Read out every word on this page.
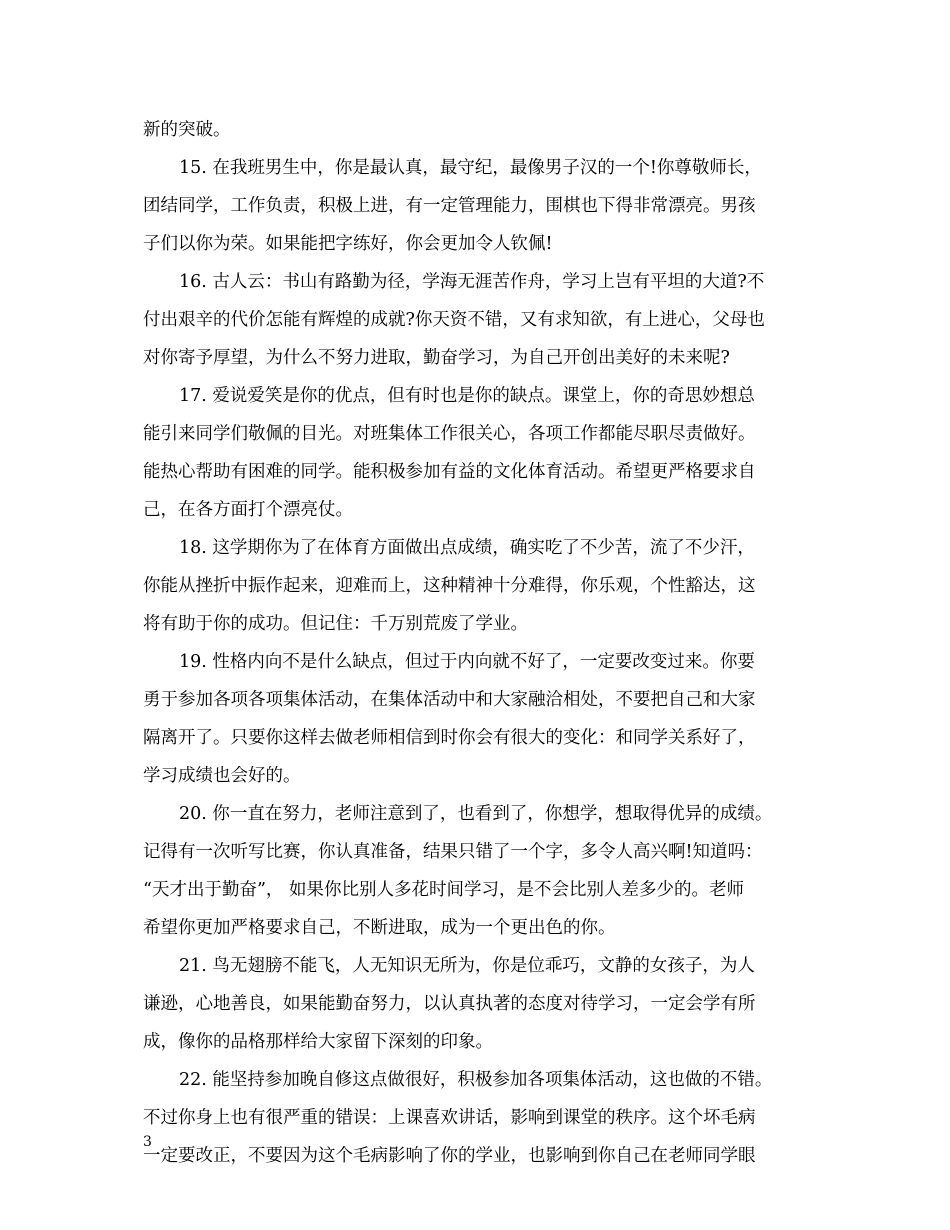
新的突破。
15. 在我班男生中，你是最认真，最守纪，最像男子汉的一个!你尊敬师长，
团结同学，工作负责，积极上进，有一定管理能力，围棋也下得非常漂亮。男孩
子们以你为荣。如果能把字练好，你会更加令人钦佩!
16. 古人云：书山有路勤为径，学海无涯苦作舟，学习上岂有平坦的大道?不
付出艰辛的代价怎能有辉煌的成就?你天资不错，又有求知欲，有上进心，父母也
对你寄予厚望，为什么不努力进取，勤奋学习，为自己开创出美好的未来呢?
17. 爱说爱笑是你的优点，但有时也是你的缺点。课堂上，你的奇思妙想总
能引来同学们敬佩的目光。对班集体工作很关心，各项工作都能尽职尽责做好。
能热心帮助有困难的同学。能积极参加有益的文化体育活动。希望更严格要求自
己，在各方面打个漂亮仗。
18. 这学期你为了在体育方面做出点成绩，确实吃了不少苦，流了不少汗，
你能从挫折中振作起来，迎难而上，这种精神十分难得，你乐观，个性豁达，这
将有助于你的成功。但记住：千万别荒废了学业。
19. 性格内向不是什么缺点，但过于内向就不好了，一定要改变过来。你要
勇于参加各项各项集体活动，在集体活动中和大家融洽相处，不要把自己和大家
隔离开了。只要你这样去做老师相信到时你会有很大的变化：和同学关系好了，
学习成绩也会好的。
20. 你一直在努力，老师注意到了，也看到了，你想学，想取得优异的成绩。
记得有一次听写比赛，你认真准备，结果只错了一个字，多令人高兴啊!知道吗：
“天才出于勤奋”， 如果你比别人多花时间学习，是不会比别人差多少的。老师
希望你更加严格要求自己，不断进取，成为一个更出色的你。
21. 鸟无翅膀不能飞，人无知识无所为，你是位乖巧，文静的女孩子，为人
谦逊，心地善良，如果能勤奋努力，以认真执著的态度对待学习，一定会学有所
成，像你的品格那样给大家留下深刻的印象。
22. 能坚持参加晚自修这点做很好，积极参加各项集体活动，这也做的不错。
不过你身上也有很严重的错误：上课喜欢讲话，影响到课堂的秩序。这个坏毛病
一定要改正，不要因为这个毛病影响了你的学业，也影响到你自己在老师同学眼
3
